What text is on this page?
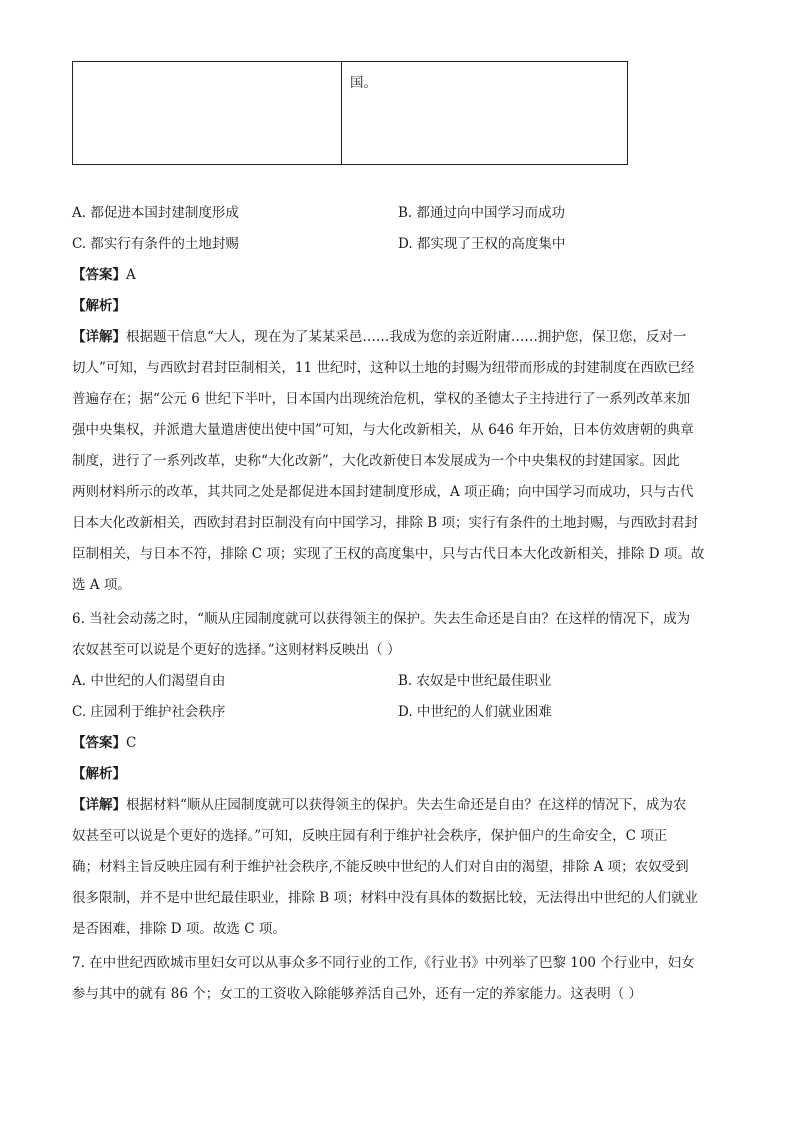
	国。
A. 都促进本国封建制度形成	B. 都通过向中国学习而成功
C. 都实行有条件的土地封赐	D. 都实现了王权的高度集中
【答案】A
【解析】
【详解】根据题干信息“大人，现在为了某某采邑……我成为您的亲近附庸……拥护您，保卫您，反对一
切人”可知，与西欧封君封臣制相关，11 世纪时，这种以土地的封赐为纽带而形成的封建制度在西欧已经
普遍存在；据“公元 6 世纪下半叶，日本国内出现统治危机，掌权的圣德太子主持进行了一系列改革来加
强中央集权，并派遣大量遣唐使出使中国”可知，与大化改新相关，从 646 年开始，日本仿效唐朝的典章
制度，进行了一系列改革，史称“大化改新”，大化改新使日本发展成为一个中央集权的封建国家。因此
两则材料所示的改革，其共同之处是都促进本国封建制度形成，A 项正确；向中国学习而成功，只与古代
日本大化改新相关，西欧封君封臣制没有向中国学习，排除 B 项；实行有条件的土地封赐，与西欧封君封
臣制相关，与日本不符，排除 C 项；实现了王权的高度集中，只与古代日本大化改新相关，排除 D 项。故
选 A 项。
6. 当社会动荡之时，“顺从庄园制度就可以获得领主的保护。失去生命还是自由？在这样的情况下，成为
农奴甚至可以说是个更好的选择。”这则材料反映出（ ）
A. 中世纪的人们渴望自由	B. 农奴是中世纪最佳职业
C. 庄园利于维护社会秩序	D. 中世纪的人们就业困难
【答案】C
【解析】
【详解】根据材料“顺从庄园制度就可以获得领主的保护。失去生命还是自由？在这样的情况下，成为农
奴甚至可以说是个更好的选择。”可知，反映庄园有利于维护社会秩序，保护佃户的生命安全，C 项正
确；材料主旨反映庄园有利于维护社会秩序,不能反映中世纪的人们对自由的渴望，排除 A 项；农奴受到
很多限制，并不是中世纪最佳职业，排除 B 项；材料中没有具体的数据比较，无法得出中世纪的人们就业
是否困难，排除 D 项。故选 C 项。
7. 在中世纪西欧城市里妇女可以从事众多不同行业的工作,《行业书》中列举了巴黎 100 个行业中，妇女
参与其中的就有 86 个；女工的工资收入除能够养活自己外，还有一定的养家能力。这表明（ ）
